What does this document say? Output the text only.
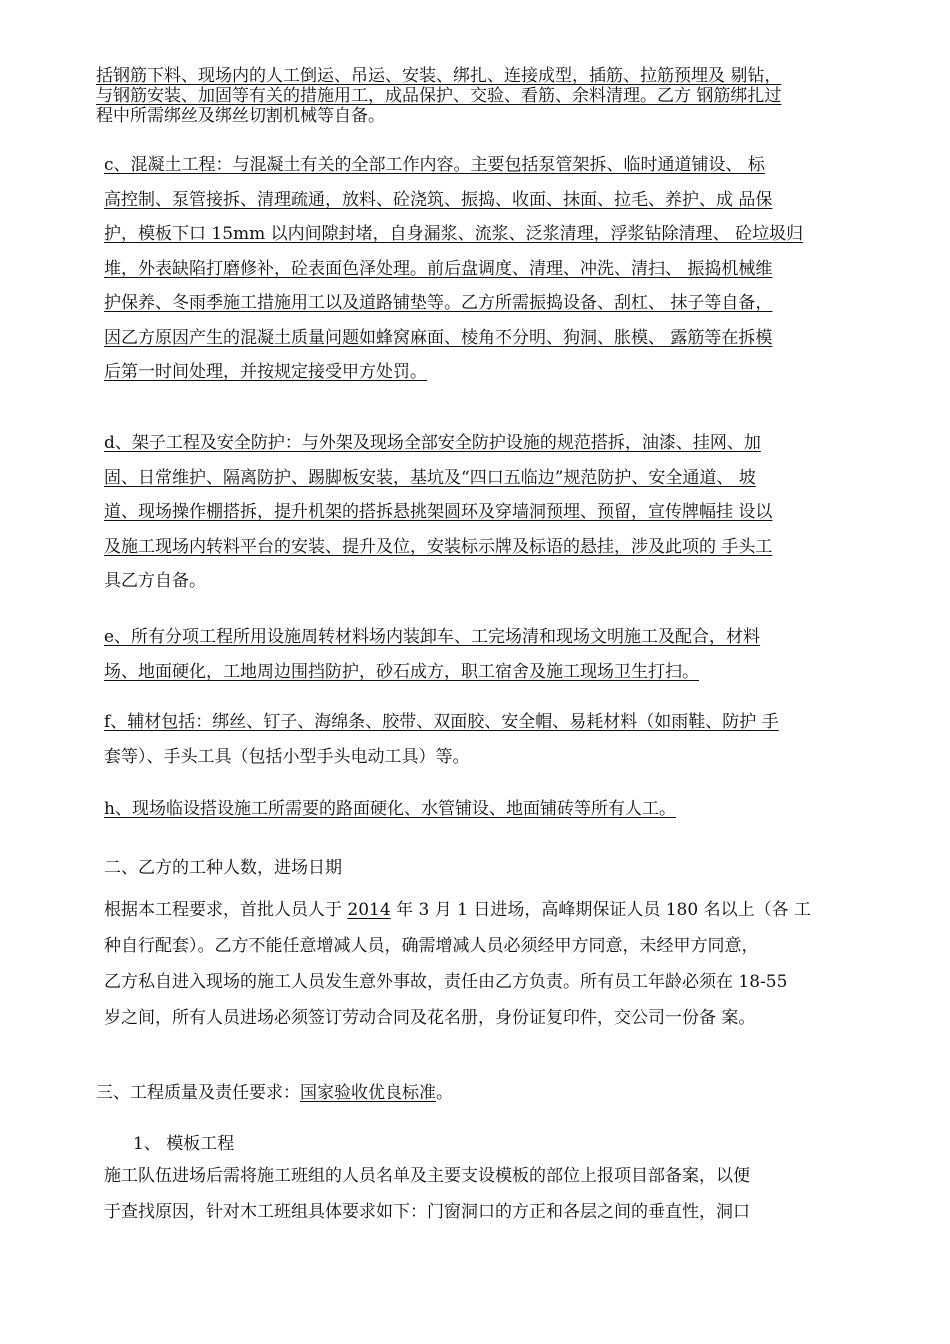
括钢筋下料、现场内的人工倒运、吊运、安装、绑扎、连接成型，插筋、拉筋预埋及 剔钻，
与钢筋安装、加固等有关的措施用工，成品保护、交验、看筋、余料清理。乙方 钢筋绑扎过
程中所需绑丝及绑丝切割机械等自备。
c、混凝土工程：与混凝土有关的全部工作内容。主要包括泵管架拆、临时通道铺设、 标
高控制、泵管接拆、清理疏通，放料、砼浇筑、振捣、收面、抹面、拉毛、养护、成 品保
护，模板下口 15mm 以内间隙封堵，自身漏浆、流浆、泛浆清理，浮浆钻除清理、 砼垃圾归
堆，外表缺陷打磨修补，砼表面色泽处理。前后盘调度、清理、冲洗、清扫、 振捣机械维
护保养、冬雨季施工措施用工以及道路铺垫等。乙方所需振捣设备、刮杠、 抹子等自备，
因乙方原因产生的混凝土质量问题如蜂窝麻面、棱角不分明、狗洞、胀模、 露筋等在拆模
后第一时间处理，并按规定接受甲方处罚。
d、架子工程及安全防护：与外架及现场全部安全防护设施的规范搭拆，油漆、挂网、加
固、日常维护、隔离防护、踢脚板安装，基坑及“四口五临边”规范防护、安全通道、 坡
道、现场操作棚搭拆，提升机架的搭拆悬挑架圆环及穿墙洞预埋、预留，宣传牌幅挂 设以
及施工现场内转料平台的安装、提升及位，安装标示牌及标语的悬挂，涉及此项的 手头工
具乙方自备。
e、所有分项工程所用设施周转材料场内装卸车、工完场清和现场文明施工及配合，材料
场、地面硬化，工地周边围挡防护，砂石成方，职工宿舍及施工现场卫生打扫。
f、辅材包括：绑丝、钉子、海绵条、胶带、双面胶、安全帽、易耗材料（如雨鞋、防护 手
套等）、手头工具（包括小型手头电动工具）等。
h、现场临设搭设施工所需要的路面硬化、水管铺设、地面铺砖等所有人工。
二、乙方的工种人数，进场日期
根据本工程要求，首批人员人于 2014 年 3 月 1 日进场，高峰期保证人员 180 名以上（各 工
种自行配套）。乙方不能任意增减人员，确需增减人员必须经甲方同意，未经甲方同意，
乙方私自进入现场的施工人员发生意外事故，责任由乙方负责。所有员工年龄必须在 18-55
岁之间，所有人员进场必须签订劳动合同及花名册，身份证复印件，交公司一份备 案。
三、工程质量及责任要求：国家验收优良标准。
1、 模板工程
施工队伍进场后需将施工班组的人员名单及主要支设模板的部位上报项目部备案，以便
于查找原因，针对木工班组具体要求如下：门窗洞口的方正和各层之间的垂直性，洞口
